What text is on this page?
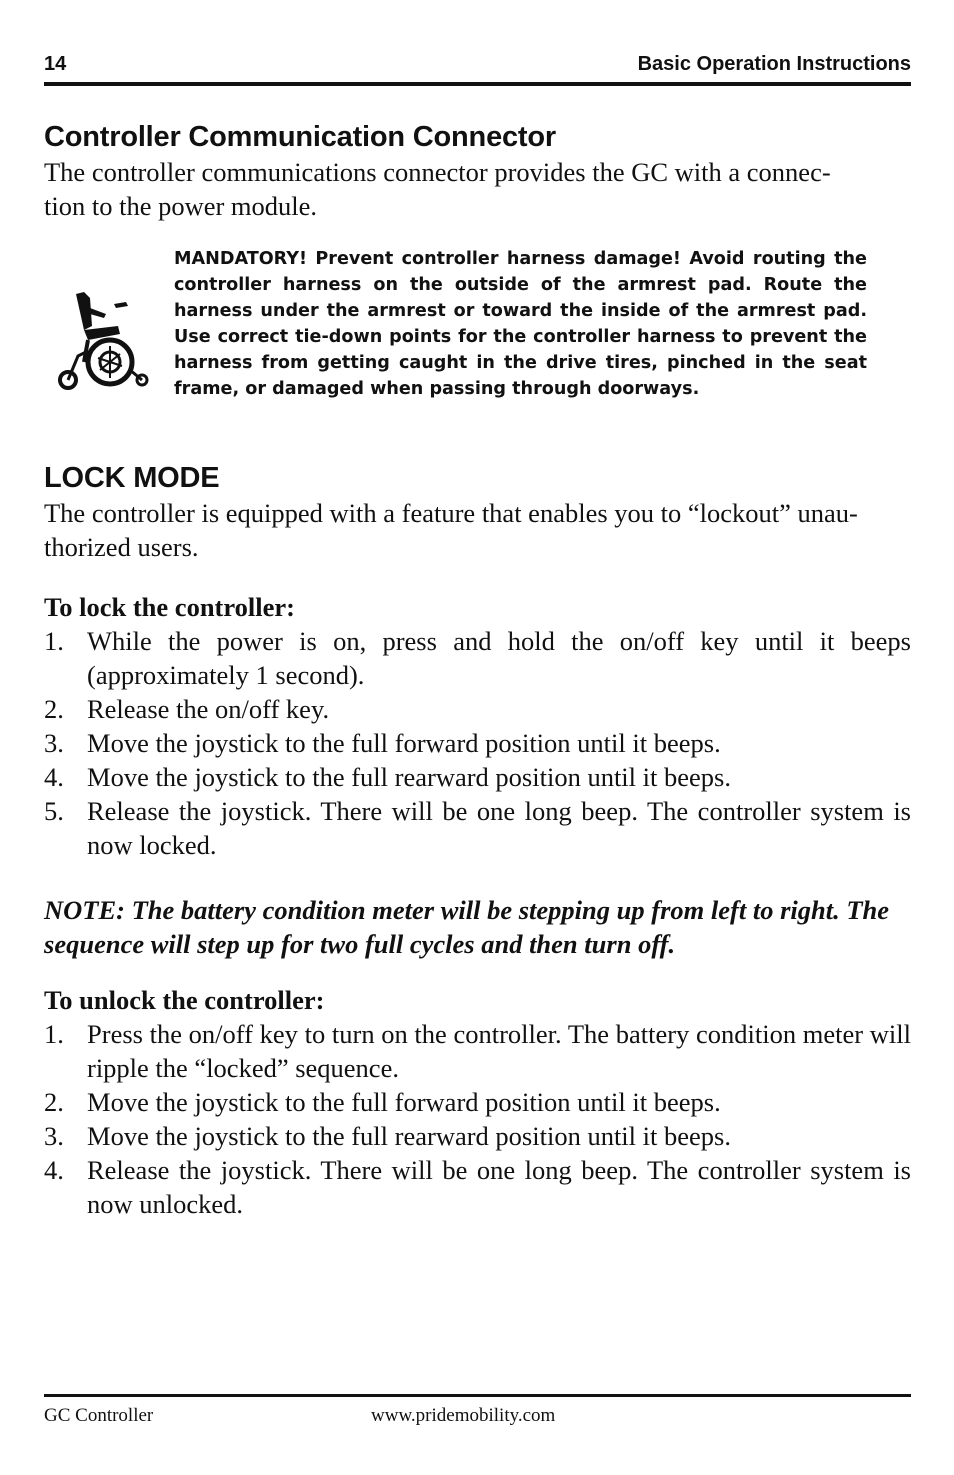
14	Basic Operation Instructions
Controller Communication Connector

The controller communications connector provides the GC with a connec-
tion to the power module.

MANDATORY! Prevent controller harness damage! Avoid routing the controller harness on the outside of the armrest pad. Route the harness under the armrest or toward the inside of the armrest pad. Use correct tie-down points for the controller harness to prevent the harness from getting caught in the drive tires, pinched in the seat frame, or damaged when passing through doorways.

LOCK MODE

The controller is equipped with a feature that enables you to “lockout” unau-
thorized users.

To lock the controller:

1. While the power is on, press and hold the on/off key until it beeps (approximately 1 second).
2. Release the on/off key.
3. Move the joystick to the full forward position until it beeps.
4. Move the joystick to the full rearward position until it beeps.
5. Release the joystick. There will be one long beep. The controller system is now locked.

NOTE: The battery condition meter will be stepping up from left to right. The sequence will step up for two full cycles and then turn off.

To unlock the controller:

1. Press the on/off key to turn on the controller. The battery condition meter will ripple the “locked” sequence.
2. Move the joystick to the full forward position until it beeps.
3. Move the joystick to the full rearward position until it beeps.
4. Release the joystick. There will be one long beep. The controller system is now unlocked.
GC Controller	www.pridemobility.com
